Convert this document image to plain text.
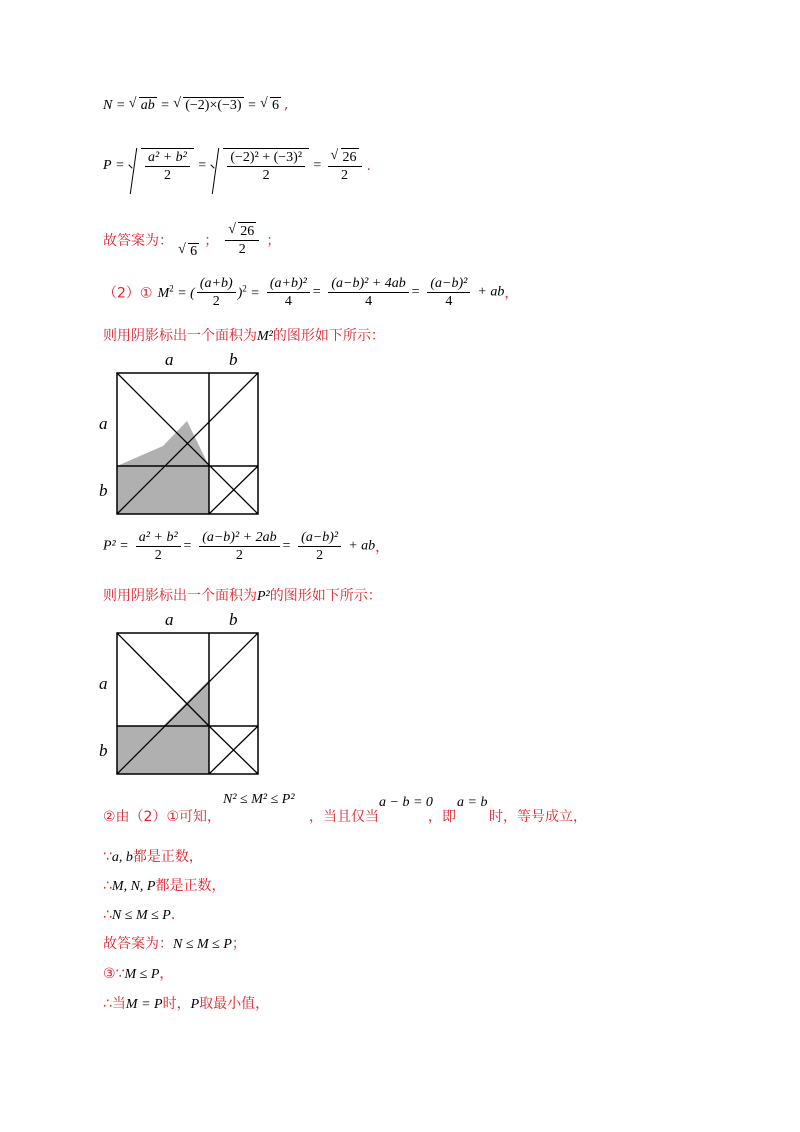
N = √ ab = √ (−2)×(−3) = √ 6 ,
$P = \frac{\text{a² + b²}}{2} = \frac{\text{(−2)² + (−3)²}}{2}$ = √ $\frac{26}{2}$ .
故答案为： √ 6 ； √ $\frac{26}{2}$ ；
（2）① $M^2$ = ( $\frac{(a+b)}{2} )^2 = \frac{\text{(a+b)²}}{4} = \frac{\text{(a−b)² + 4ab}}{4} = \frac{\text{(a−b)²}}{4}$ + ab，
则用阴影标出一个面积为M²的图形如下所示：
a	b
a
b
$P^2 = \frac{\text{a² + b²}}{2} = \frac{\text{(a−b)² + 2ab}}{2} = \frac{\text{(a−b)²}}{2}$ + ab，
则用阴影标出一个面积为P²的图形如下所示：
a	b
a
b
②由（2）①可知，
N² ≤ M² ≤ P²
，当且仅当
a − b = 0
，即
a = b
时，等号成立，
∵a, b都是正数，
∴M, N, P都是正数，
∴N ≤ M ≤ P.
故答案为：N ≤ M ≤ P；
③∵M ≤ P，
∴当M = P时，P取最小值，
